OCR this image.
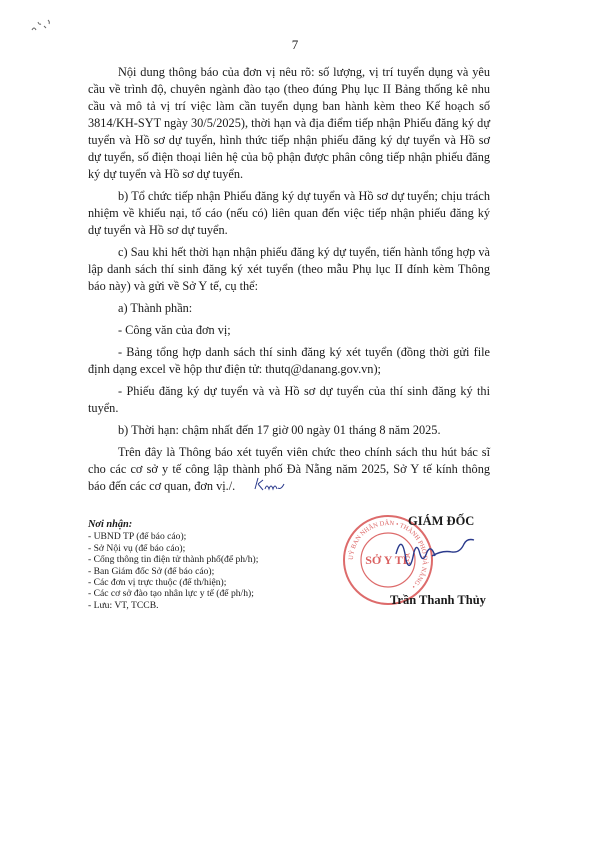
7

Nội dung thông báo của đơn vị nêu rõ: số lượng, vị trí tuyển dụng và yêu cầu về trình độ, chuyên ngành đào tạo (theo đúng Phụ lục II Bảng thống kê nhu cầu và mô tả vị trí việc làm cần tuyển dụng ban hành kèm theo Kế hoạch số 3814/KH-SYT ngày 30/5/2025), thời hạn và địa điểm tiếp nhận Phiếu đăng ký dự tuyển và Hồ sơ dự tuyển, hình thức tiếp nhận phiếu đăng ký dự tuyển và Hồ sơ dự tuyển, số điện thoại liên hệ của bộ phận được phân công tiếp nhận phiếu đăng ký dự tuyển và Hồ sơ dự tuyển.

b) Tổ chức tiếp nhận Phiếu đăng ký dự tuyển và Hồ sơ dự tuyển; chịu trách nhiệm về khiếu nại, tố cáo (nếu có) liên quan đến việc tiếp nhận phiếu đăng ký dự tuyển và Hồ sơ dự tuyển.

c) Sau khi hết thời hạn nhận phiếu đăng ký dự tuyển, tiến hành tổng hợp và lập danh sách thí sinh đăng ký xét tuyển (theo mẫu Phụ lục II đính kèm Thông báo này) và gửi về Sở Y tế, cụ thể:

a) Thành phần:

- Công văn của đơn vị;

- Bảng tổng hợp danh sách thí sinh đăng ký xét tuyển (đồng thời gửi file định dạng excel về hộp thư điện tử: thutq@danang.gov.vn);

- Phiếu đăng ký dự tuyển và và Hồ sơ dự tuyển của thí sinh đăng ký thi tuyển.

b) Thời hạn: chậm nhất đến 17 giờ 00 ngày 01 tháng 8 năm 2025.

Trên đây là Thông báo xét tuyển viên chức theo chính sách thu hút bác sĩ cho các cơ sở y tế công lập thành phố Đà Nẵng năm 2025, Sở Y tế kính thông báo đến các cơ quan, đơn vị./.

Nơi nhận:
- UBND TP (để báo cáo);
- Sở Nội vụ (để báo cáo);
- Cổng thông tin điện tử thành phố(để ph/h);
- Ban Giám đốc Sở (để báo cáo);
- Các đơn vị trực thuộc (để th/hiện);
- Các cơ sở đào tạo nhân lực y tế (để ph/h);
- Lưu: VT, TCCB.
UỶ BAN NHÂN DÂN • THÀNH PHỐ ĐÀ NẴNG •
SỞ Y TẾ
GIÁM ĐỐC
Trần Thanh Thủy
